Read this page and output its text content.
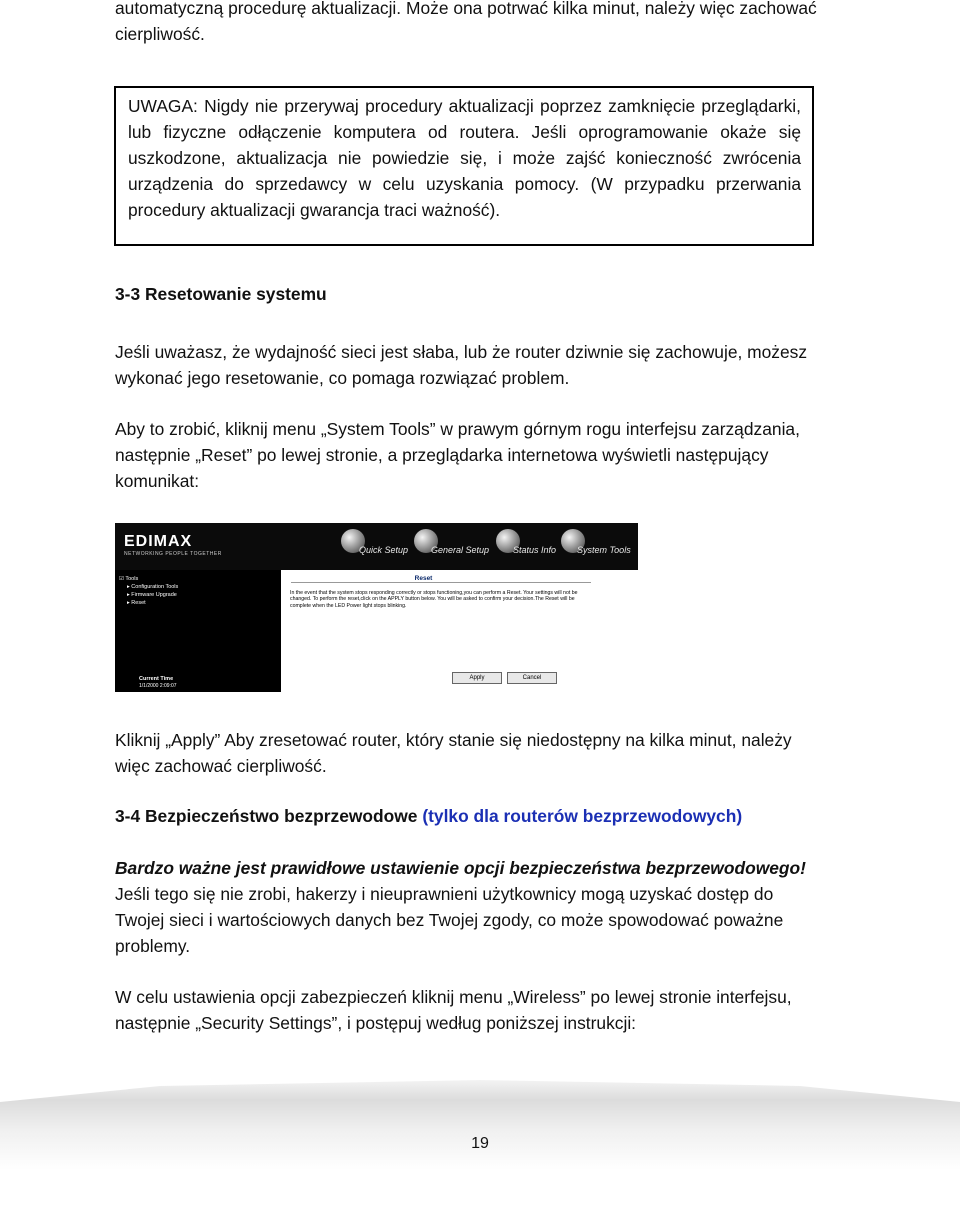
automatyczną procedurę aktualizacji. Może ona potrwać kilka minut, należy więc zachować cierpliwość.

UWAGA: Nigdy nie przerywaj procedury aktualizacji poprzez zamknięcie przeglądarki, lub fizyczne odłączenie komputera od routera. Jeśli oprogramowanie okaże się uszkodzone, aktualizacja nie powiedzie się, i może zajść konieczność zwrócenia urządzenia do sprzedawcy w celu uzyskania pomocy. (W przypadku przerwania procedury aktualizacji gwarancja traci ważność).

3-3 Resetowanie systemu

Jeśli uważasz, że wydajność sieci jest słaba, lub że router dziwnie się zachowuje, możesz wykonać jego resetowanie, co pomaga rozwiązać problem.

Aby to zrobić, kliknij menu „System Tools” w prawym górnym rogu interfejsu zarządzania, następnie „Reset” po lewej stronie, a przeglądarka internetowa wyświetli następujący komunikat:

EDIMAX
NETWORKING PEOPLE TOGETHER	Quick Setup	General Setup	Status Info System Tools
☑ Tools
▸ Configuration Tools
▸ Firmware Upgrade
▸ Reset
Current Time
1/1/2000 2:09:07
Reset
In the event that the system stops responding correctly or stops functioning,you can perform a Reset. Your settings will not be changed. To perform the reset,click on the APPLY button below. You will be asked to confirm your decision.The Reset will be complete when the LED Power light stops blinking.
Apply	Cancel

Kliknij „Apply” Aby zresetować router, który stanie się niedostępny na kilka minut, należy więc zachować cierpliwość.

3-4 Bezpieczeństwo bezprzewodowe (tylko dla routerów bezprzewodowych)

Bardzo ważne jest prawidłowe ustawienie opcji bezpieczeństwa bezprzewodowego! Jeśli tego się nie zrobi, hakerzy i nieuprawnieni użytkownicy mogą uzyskać dostęp do Twojej sieci i wartościowych danych bez Twojej zgody, co może spowodować poważne problemy.

W celu ustawienia opcji zabezpieczeń kliknij menu „Wireless” po lewej stronie interfejsu, następnie „Security Settings”, i postępuj według poniższej instrukcji:

19
